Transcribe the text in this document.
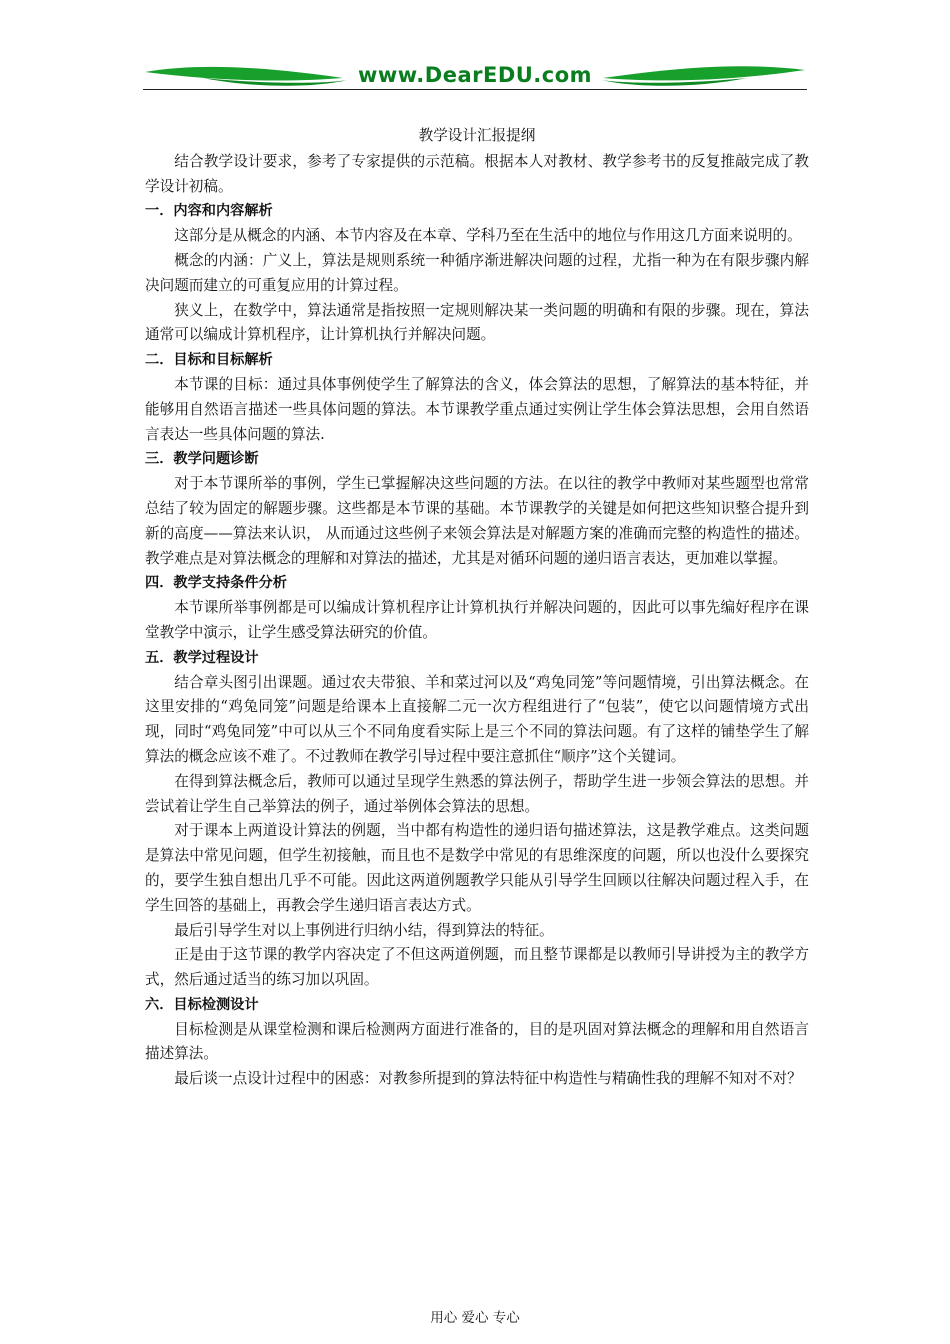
www.DearEDU.com
教学设计汇报提纲

结合教学设计要求，参考了专家提供的示范稿。根据本人对教材、教学参考书的反复推敲完成了教学设计初稿。

一．内容和内容解析

这部分是从概念的内涵、本节内容及在本章、学科乃至在生活中的地位与作用这几方面来说明的。

概念的内涵：广义上，算法是规则系统一种循序渐进解决问题的过程，尤指一种为在有限步骤内解决问题而建立的可重复应用的计算过程。

狭义上，在数学中，算法通常是指按照一定规则解决某一类问题的明确和有限的步骤。现在，算法通常可以编成计算机程序，让计算机执行并解决问题。

二．目标和目标解析

本节课的目标：通过具体事例使学生了解算法的含义，体会算法的思想，了解算法的基本特征，并能够用自然语言描述一些具体问题的算法。本节课教学重点通过实例让学生体会算法思想，会用自然语言表达一些具体问题的算法.

三．教学问题诊断

对于本节课所举的事例，学生已掌握解决这些问题的方法。在以往的教学中教师对某些题型也常常总结了较为固定的解题步骤。这些都是本节课的基础。本节课教学的关键是如何把这些知识整合提升到新的高度——算法来认识， 从而通过这些例子来领会算法是对解题方案的准确而完整的构造性的描述。教学难点是对算法概念的理解和对算法的描述，尤其是对循环问题的递归语言表达，更加难以掌握。

四．教学支持条件分析

本节课所举事例都是可以编成计算机程序让计算机执行并解决问题的，因此可以事先编好程序在课堂教学中演示，让学生感受算法研究的价值。

五．教学过程设计

结合章头图引出课题。通过农夫带狼、羊和菜过河以及“鸡兔同笼”等问题情境，引出算法概念。在这里安排的“鸡兔同笼”问题是给课本上直接解二元一次方程组进行了“包装”，使它以问题情境方式出现，同时“鸡兔同笼”中可以从三个不同角度看实际上是三个不同的算法问题。有了这样的铺垫学生了解算法的概念应该不难了。不过教师在教学引导过程中要注意抓住“顺序”这个关键词。

在得到算法概念后，教师可以通过呈现学生熟悉的算法例子，帮助学生进一步领会算法的思想。并尝试着让学生自己举算法的例子，通过举例体会算法的思想。

对于课本上两道设计算法的例题，当中都有构造性的递归语句描述算法，这是教学难点。这类问题是算法中常见问题，但学生初接触，而且也不是数学中常见的有思维深度的问题，所以也没什么要探究的，要学生独自想出几乎不可能。因此这两道例题教学只能从引导学生回顾以往解决问题过程入手，在学生回答的基础上，再教会学生递归语言表达方式。

最后引导学生对以上事例进行归纳小结，得到算法的特征。

正是由于这节课的教学内容决定了不但这两道例题，而且整节课都是以教师引导讲授为主的教学方式，然后通过适当的练习加以巩固。

六．目标检测设计

目标检测是从课堂检测和课后检测两方面进行准备的，目的是巩固对算法概念的理解和用自然语言描述算法。

最后谈一点设计过程中的困惑：对教参所提到的算法特征中构造性与精确性我的理解不知对不对？

用心 爱心 专心
